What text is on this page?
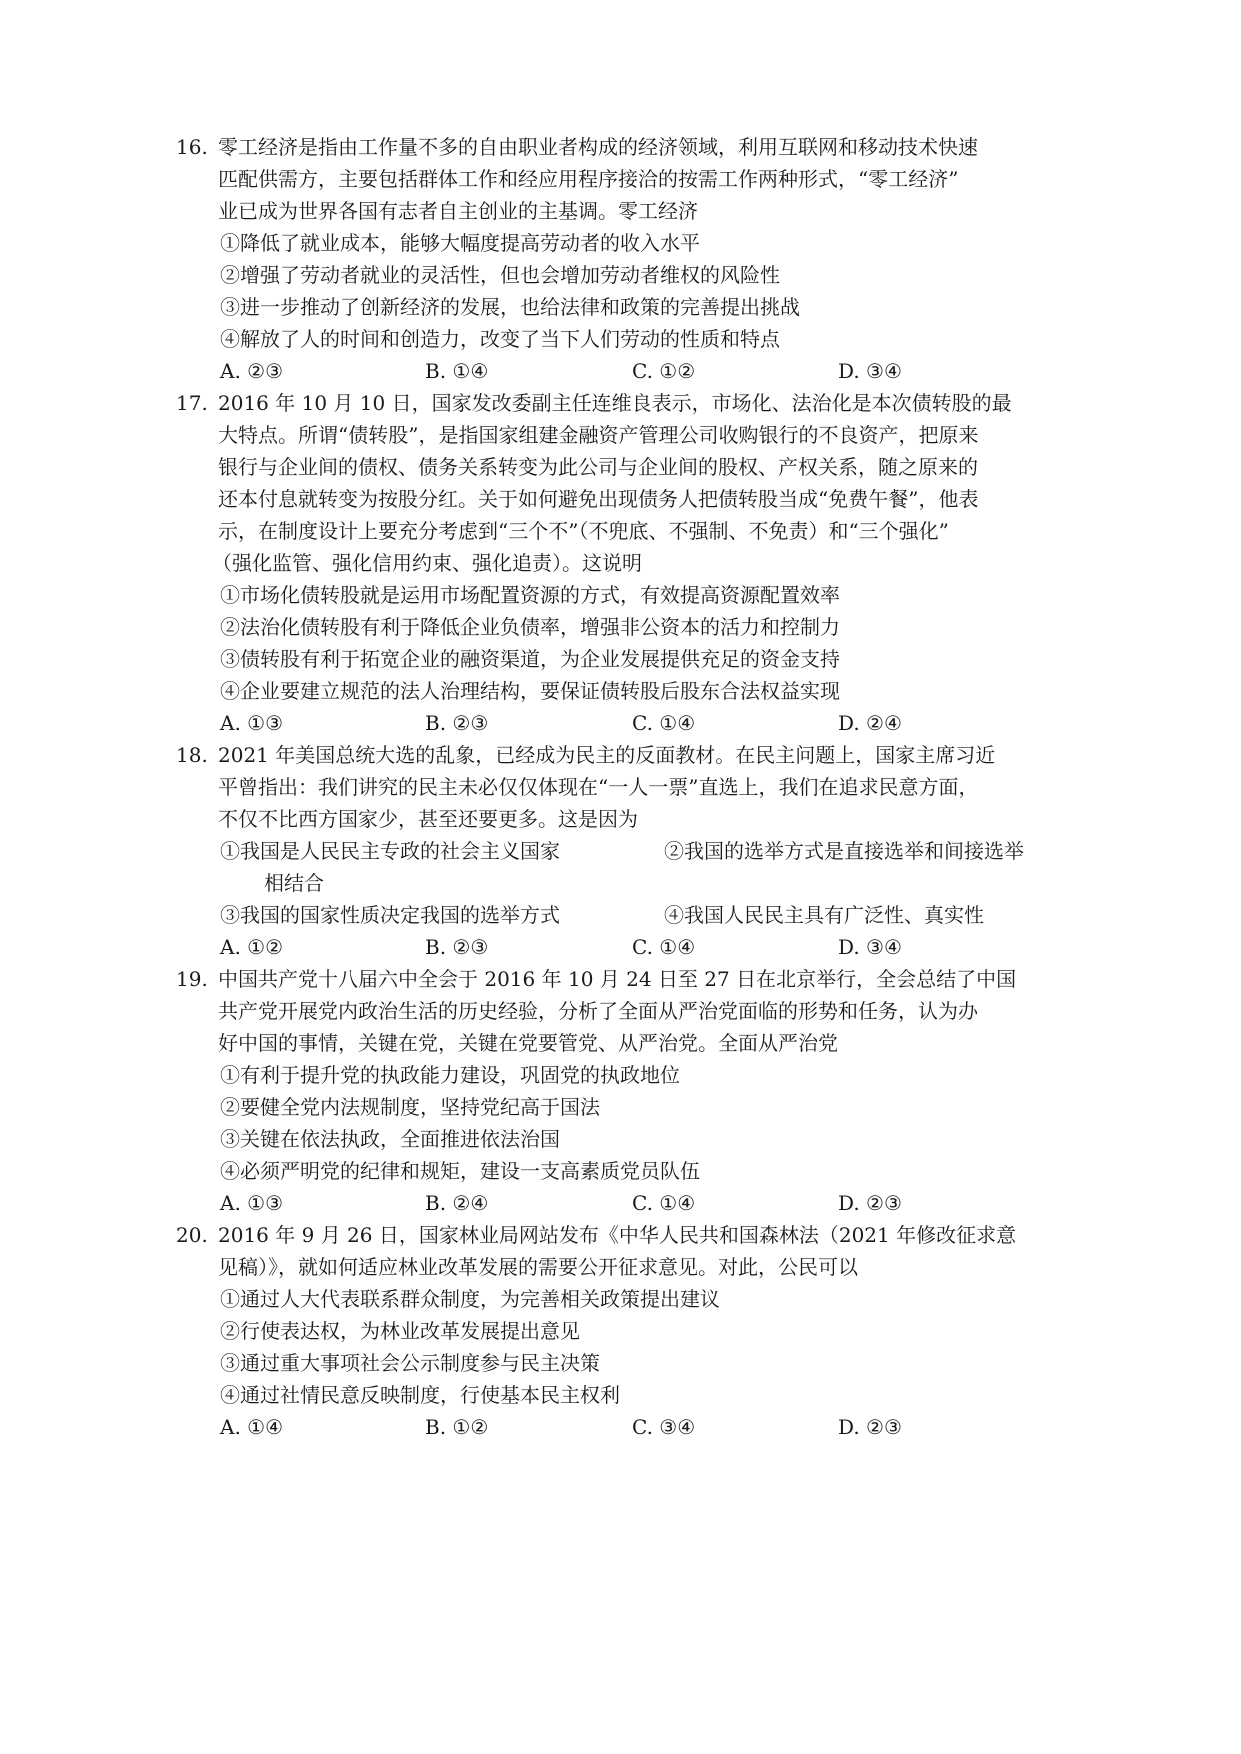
16. 零工经济是指由工作量不多的自由职业者构成的经济领域，利用互联网和移动技术快速
匹配供需方，主要包括群体工作和经应用程序接洽的按需工作两种形式，“零工经济”
业已成为世界各国有志者自主创业的主基调。零工经济
①降低了就业成本，能够大幅度提高劳动者的收入水平
②增强了劳动者就业的灵活性，但也会增加劳动者维权的风险性
③进一步推动了创新经济的发展，也给法律和政策的完善提出挑战
④解放了人的时间和创造力，改变了当下人们劳动的性质和特点
A. ②③	B. ①④	C. ①②	D. ③④
17. 2016 年 10 月 10 日，国家发改委副主任连维良表示，市场化、法治化是本次债转股的最
大特点。所谓“债转股”，是指国家组建金融资产管理公司收购银行的不良资产，把原来
银行与企业间的债权、债务关系转变为此公司与企业间的股权、产权关系，随之原来的
还本付息就转变为按股分红。关于如何避免出现债务人把债转股当成“免费午餐”，他表
示，在制度设计上要充分考虑到“三个不”（不兜底、不强制、不免责）和“三个强化”
（强化监管、强化信用约束、强化追责）。这说明
①市场化债转股就是运用市场配置资源的方式，有效提高资源配置效率
②法治化债转股有利于降低企业负债率，增强非公资本的活力和控制力
③债转股有利于拓宽企业的融资渠道，为企业发展提供充足的资金支持
④企业要建立规范的法人治理结构，要保证债转股后股东合法权益实现
A. ①③	B. ②③	C. ①④	D. ②④
18. 2021 年美国总统大选的乱象，已经成为民主的反面教材。在民主问题上，国家主席习近
平曾指出：我们讲究的民主未必仅仅体现在“一人一票”直选上，我们在追求民意方面，
不仅不比西方国家少，甚至还要更多。这是因为
①我国是人民民主专政的社会主义国家	②我国的选举方式是直接选举和间接选举
相结合
③我国的国家性质决定我国的选举方式	④我国人民民主具有广泛性、真实性
A. ①②	B. ②③	C. ①④	D. ③④
19. 中国共产党十八届六中全会于 2016 年 10 月 24 日至 27 日在北京举行，全会总结了中国
共产党开展党内政治生活的历史经验，分析了全面从严治党面临的形势和任务，认为办
好中国的事情，关键在党，关键在党要管党、从严治党。全面从严治党
①有利于提升党的执政能力建设，巩固党的执政地位
②要健全党内法规制度，坚持党纪高于国法
③关键在依法执政，全面推进依法治国
④必须严明党的纪律和规矩，建设一支高素质党员队伍
A. ①③	B. ②④	C. ①④	D. ②③
20. 2016 年 9 月 26 日，国家林业局网站发布《中华人民共和国森林法（2021 年修改征求意
见稿）》，就如何适应林业改革发展的需要公开征求意见。对此，公民可以
①通过人大代表联系群众制度，为完善相关政策提出建议
②行使表达权，为林业改革发展提出意见
③通过重大事项社会公示制度参与民主决策
④通过社情民意反映制度，行使基本民主权利
A. ①④	B. ①②	C. ③④	D. ②③
